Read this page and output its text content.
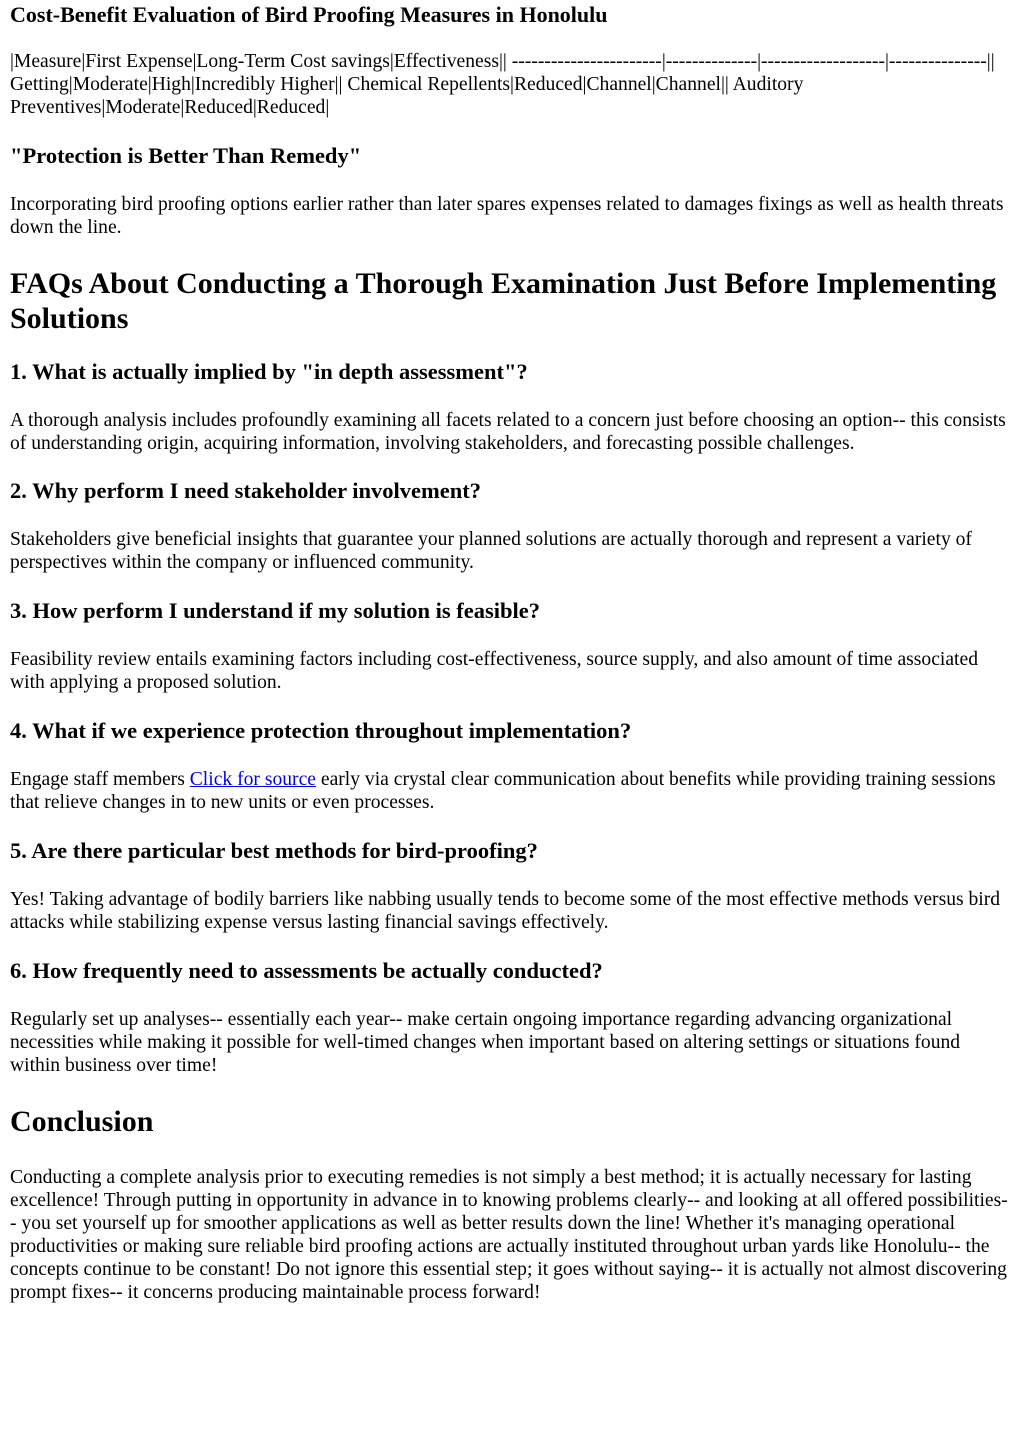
Cost-Benefit Evaluation of Bird Proofing Measures in Honolulu

|Measure|First Expense|Long-Term Cost savings|Effectiveness|| -----------------------|--------------|-------------------|---------------|| Getting|Moderate|High|Incredibly Higher|| Chemical Repellents|Reduced|Channel|Channel|| Auditory Preventives|Moderate|Reduced|Reduced|

"Protection is Better Than Remedy"

Incorporating bird proofing options earlier rather than later spares expenses related to damages fixings as well as health threats down the line.

FAQs About Conducting a Thorough Examination Just Before Implementing Solutions
1. What is actually implied by "in depth assessment"?

A thorough analysis includes profoundly examining all facets related to a concern just before choosing an option-- this consists of understanding origin, acquiring information, involving stakeholders, and forecasting possible challenges.

2. Why perform I need stakeholder involvement?

Stakeholders give beneficial insights that guarantee your planned solutions are actually thorough and represent a variety of perspectives within the company or influenced community.

3. How perform I understand if my solution is feasible?

Feasibility review entails examining factors including cost-effectiveness, source supply, and also amount of time associated with applying a proposed solution.

4. What if we experience protection throughout implementation?

Engage staff members Click for source early via crystal clear communication about benefits while providing training sessions that relieve changes in to new units or even processes.

5. Are there particular best methods for bird-proofing?

Yes! Taking advantage of bodily barriers like nabbing usually tends to become some of the most effective methods versus bird attacks while stabilizing expense versus lasting financial savings effectively.

6. How frequently need to assessments be actually conducted?

Regularly set up analyses-- essentially each year-- make certain ongoing importance regarding advancing organizational necessities while making it possible for well-timed changes when important based on altering settings or situations found within business over time!

Conclusion

Conducting a complete analysis prior to executing remedies is not simply a best method; it is actually necessary for lasting excellence! Through putting in opportunity in advance in to knowing problems clearly-- and looking at all offered possibilities-- you set yourself up for smoother applications as well as better results down the line! Whether it's managing operational productivities or making sure reliable bird proofing actions are actually instituted throughout urban yards like Honolulu-- the concepts continue to be constant! Do not ignore this essential step; it goes without saying-- it is actually not almost discovering prompt fixes-- it concerns producing maintainable process forward!
